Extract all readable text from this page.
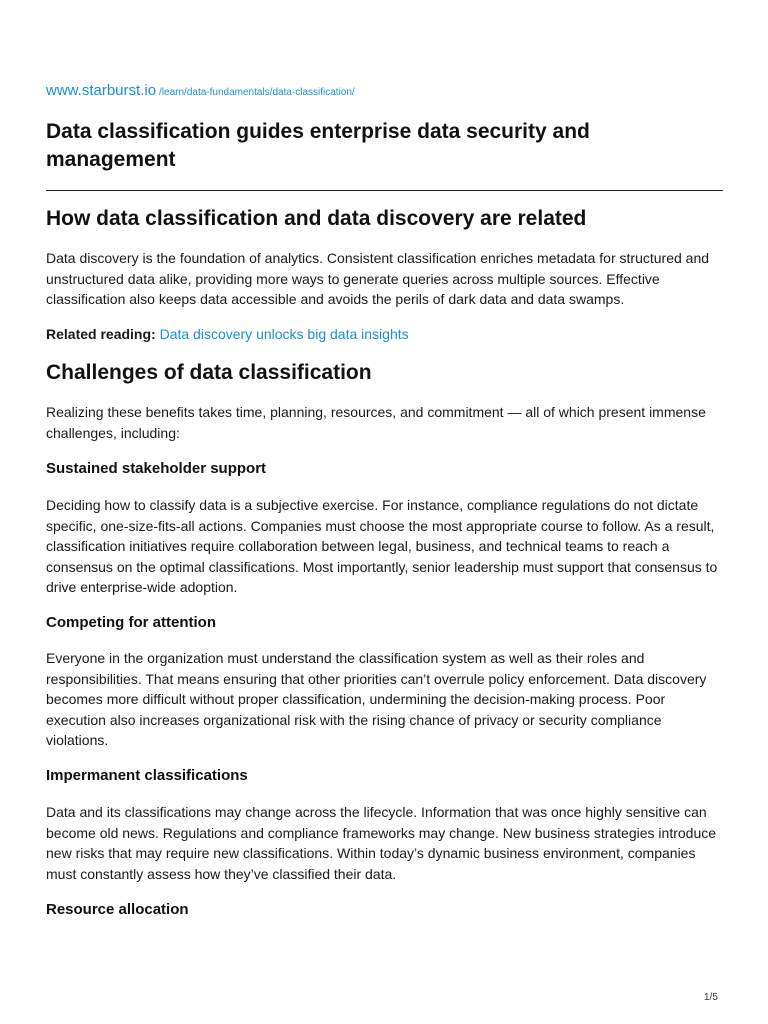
www.starburst.io /learn/data-fundamentals/data-classification/
Data classification guides enterprise data security and management
How data classification and data discovery are related

Data discovery is the foundation of analytics. Consistent classification enriches metadata for structured and unstructured data alike, providing more ways to generate queries across multiple sources. Effective classification also keeps data accessible and avoids the perils of dark data and data swamps.

Related reading: Data discovery unlocks big data insights

Challenges of data classification

Realizing these benefits takes time, planning, resources, and commitment — all of which present immense challenges, including:

Sustained stakeholder support

Deciding how to classify data is a subjective exercise. For instance, compliance regulations do not dictate specific, one-size-fits-all actions. Companies must choose the most appropriate course to follow. As a result, classification initiatives require collaboration between legal, business, and technical teams to reach a consensus on the optimal classifications. Most importantly, senior leadership must support that consensus to drive enterprise-wide adoption.

Competing for attention

Everyone in the organization must understand the classification system as well as their roles and responsibilities. That means ensuring that other priorities can’t overrule policy enforcement. Data discovery becomes more difficult without proper classification, undermining the decision-making process. Poor execution also increases organizational risk with the rising chance of privacy or security compliance violations.

Impermanent classifications

Data and its classifications may change across the lifecycle. Information that was once highly sensitive can become old news. Regulations and compliance frameworks may change. New business strategies introduce new risks that may require new classifications. Within today’s dynamic business environment, companies must constantly assess how they’ve classified their data.

Resource allocation
1/5
